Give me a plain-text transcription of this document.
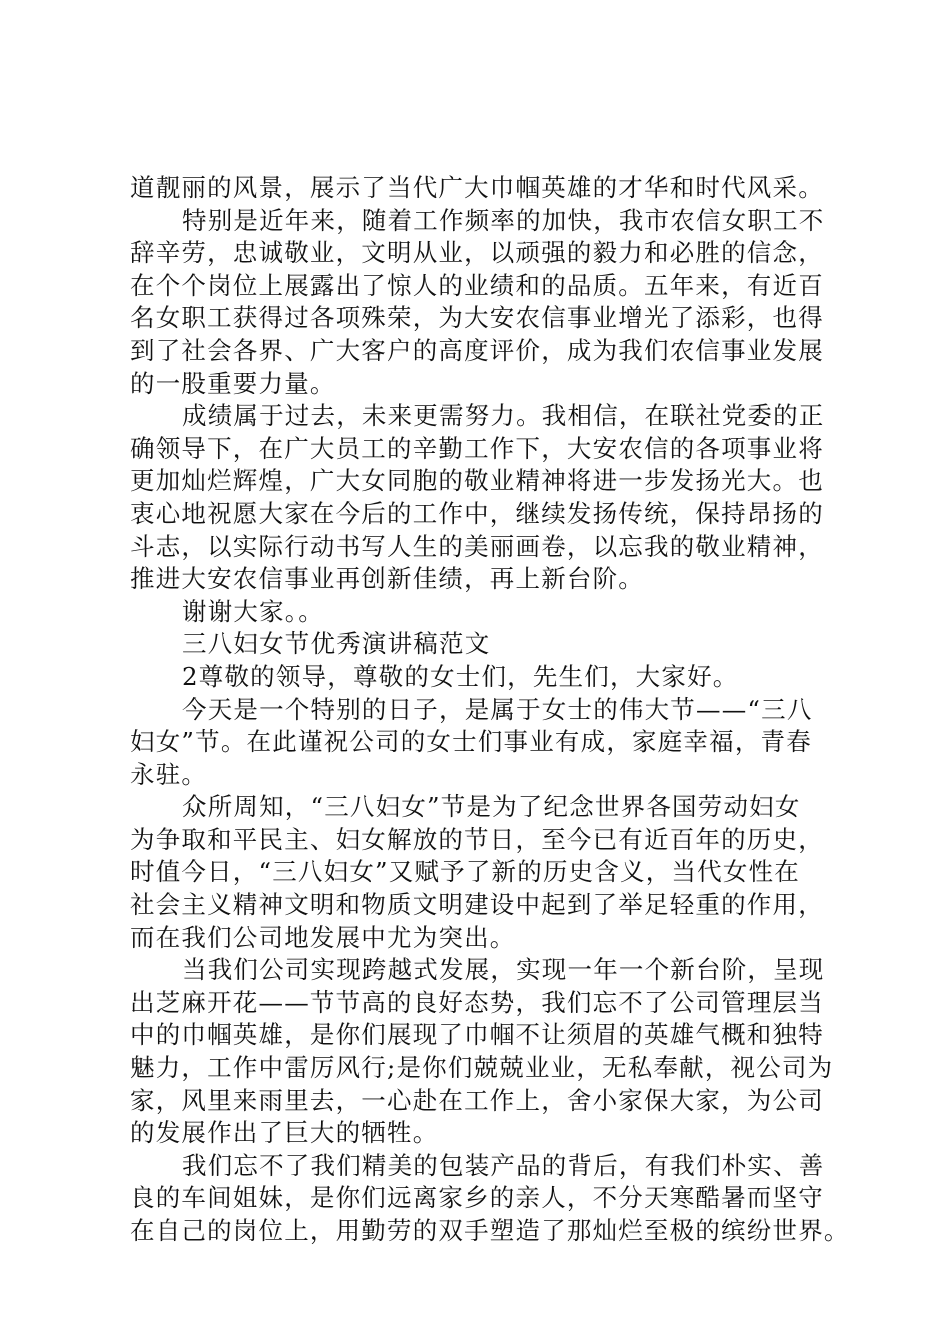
道靓丽的风景，展示了当代广大巾帼英雄的才华和时代风采。
特别是近年来，随着工作频率的加快，我市农信女职工不
辞辛劳，忠诚敬业，文明从业，以顽强的毅力和必胜的信念，
在个个岗位上展露出了惊人的业绩和的品质。五年来，有近百
名女职工获得过各项殊荣，为大安农信事业增光了添彩，也得
到了社会各界、广大客户的高度评价，成为我们农信事业发展
的一股重要力量。
成绩属于过去，未来更需努力。我相信，在联社党委的正
确领导下，在广大员工的辛勤工作下，大安农信的各项事业将
更加灿烂辉煌，广大女同胞的敬业精神将进一步发扬光大。也
衷心地祝愿大家在今后的工作中，继续发扬传统，保持昂扬的
斗志，以实际行动书写人生的美丽画卷，以忘我的敬业精神，
推进大安农信事业再创新佳绩，再上新台阶。
谢谢大家。。
三八妇女节优秀演讲稿范文
2尊敬的领导，尊敬的女士们，先生们，大家好。
今天是一个特别的日子，是属于女士的伟大节——“三八
妇女”节。在此谨祝公司的女士们事业有成，家庭幸福，青春
永驻。
众所周知，“三八妇女”节是为了纪念世界各国劳动妇女
为争取和平民主、妇女解放的节日，至今已有近百年的历史，
时值今日，“三八妇女”又赋予了新的历史含义，当代女性在
社会主义精神文明和物质文明建设中起到了举足轻重的作用，
而在我们公司地发展中尤为突出。
当我们公司实现跨越式发展，实现一年一个新台阶，呈现
出芝麻开花——节节高的良好态势，我们忘不了公司管理层当
中的巾帼英雄，是你们展现了巾帼不让须眉的英雄气概和独特
魅力，工作中雷厉风行;是你们兢兢业业，无私奉献，视公司为
家，风里来雨里去，一心赴在工作上，舍小家保大家，为公司
的发展作出了巨大的牺牲。
我们忘不了我们精美的包装产品的背后，有我们朴实、善
良的车间姐妹，是你们远离家乡的亲人，不分天寒酷暑而坚守
在自己的岗位上，用勤劳的双手塑造了那灿烂至极的缤纷世界。
